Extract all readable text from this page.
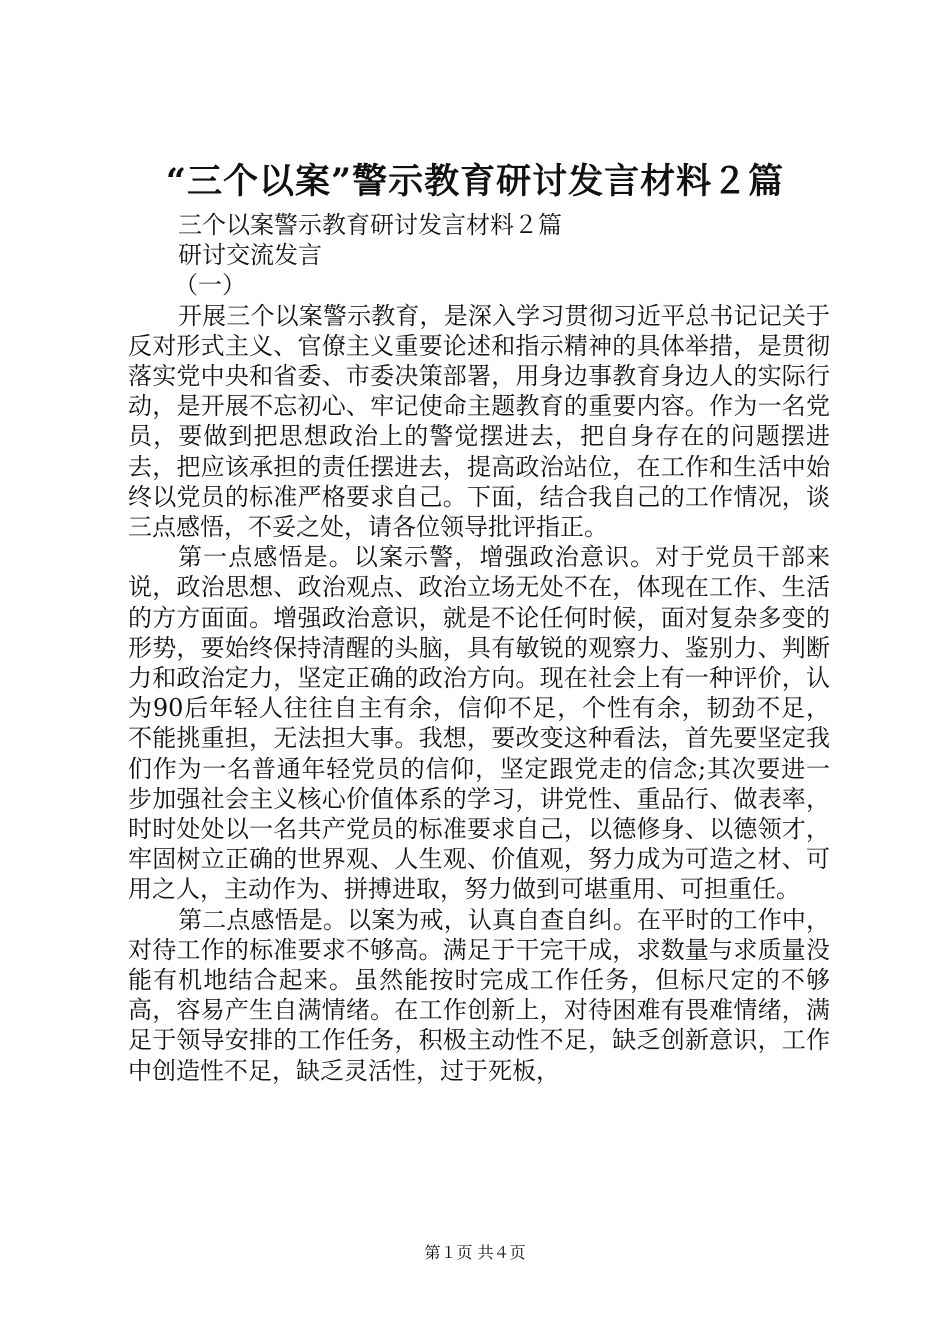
“三个以案”警示教育研讨发言材料２篇
三个以案警示教育研讨发言材料２篇
研讨交流发言
（一）

开展三个以案警示教育，是深入学习贯彻习近平总书记记关于反对形式主义、官僚主义重要论述和指示精神的具体举措，是贯彻落实党中央和省委、市委决策部署，用身边事教育身边人的实际行动，是开展不忘初心、牢记使命主题教育的重要内容。作为一名党员，要做到把思想政治上的警觉摆进去，把自身存在的问题摆进去，把应该承担的责任摆进去，提高政治站位，在工作和生活中始终以党员的标准严格要求自己。下面，结合我自己的工作情况，谈三点感悟，不妥之处，请各位领导批评指正。

第一点感悟是。以案示警，增强政治意识。对于党员干部来说，政治思想、政治观点、政治立场无处不在，体现在工作、生活的方方面面。增强政治意识，就是不论任何时候，面对复杂多变的形势，要始终保持清醒的头脑，具有敏锐的观察力、鉴别力、判断力和政治定力，坚定正确的政治方向。现在社会上有一种评价，认为90后年轻人往往自主有余，信仰不足，个性有余，韧劲不足，不能挑重担，无法担大事。我想，要改变这种看法，首先要坚定我们作为一名普通年轻党员的信仰，坚定跟党走的信念;其次要进一步加强社会主义核心价值体系的学习，讲党性、重品行、做表率，时时处处以一名共产党员的标准要求自己，以德修身、以德领才，牢固树立正确的世界观、人生观、价值观，努力成为可造之材、可用之人，主动作为、拼搏进取，努力做到可堪重用、可担重任。

第二点感悟是。以案为戒，认真自查自纠。在平时的工作中，对待工作的标准要求不够高。满足于干完干成，求数量与求质量没能有机地结合起来。虽然能按时完成工作任务，但标尺定的不够高，容易产生自满情绪。在工作创新上，对待困难有畏难情绪，满足于领导安排的工作任务，积极主动性不足，缺乏创新意识，工作中创造性不足，缺乏灵活性，过于死板，

第１页 共４页
